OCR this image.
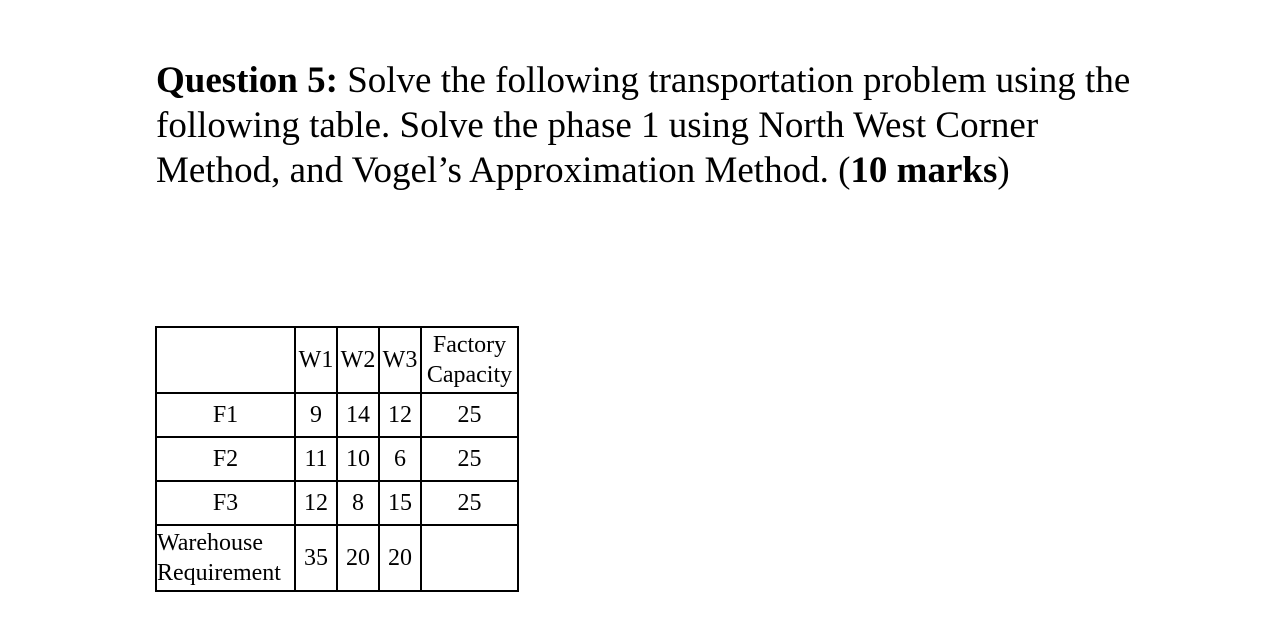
Question 5: Solve the following transportation problem using the following table. Solve the phase 1 using North West Corner Method, and Vogel’s Approximation Method. (10 marks)

	W1	W2	W3	Factory
Capacity
F1	9	14	12	25
F2	11	10	6	25
F3	12	8	15	25
Warehouse
Requirement	35	20	20	
